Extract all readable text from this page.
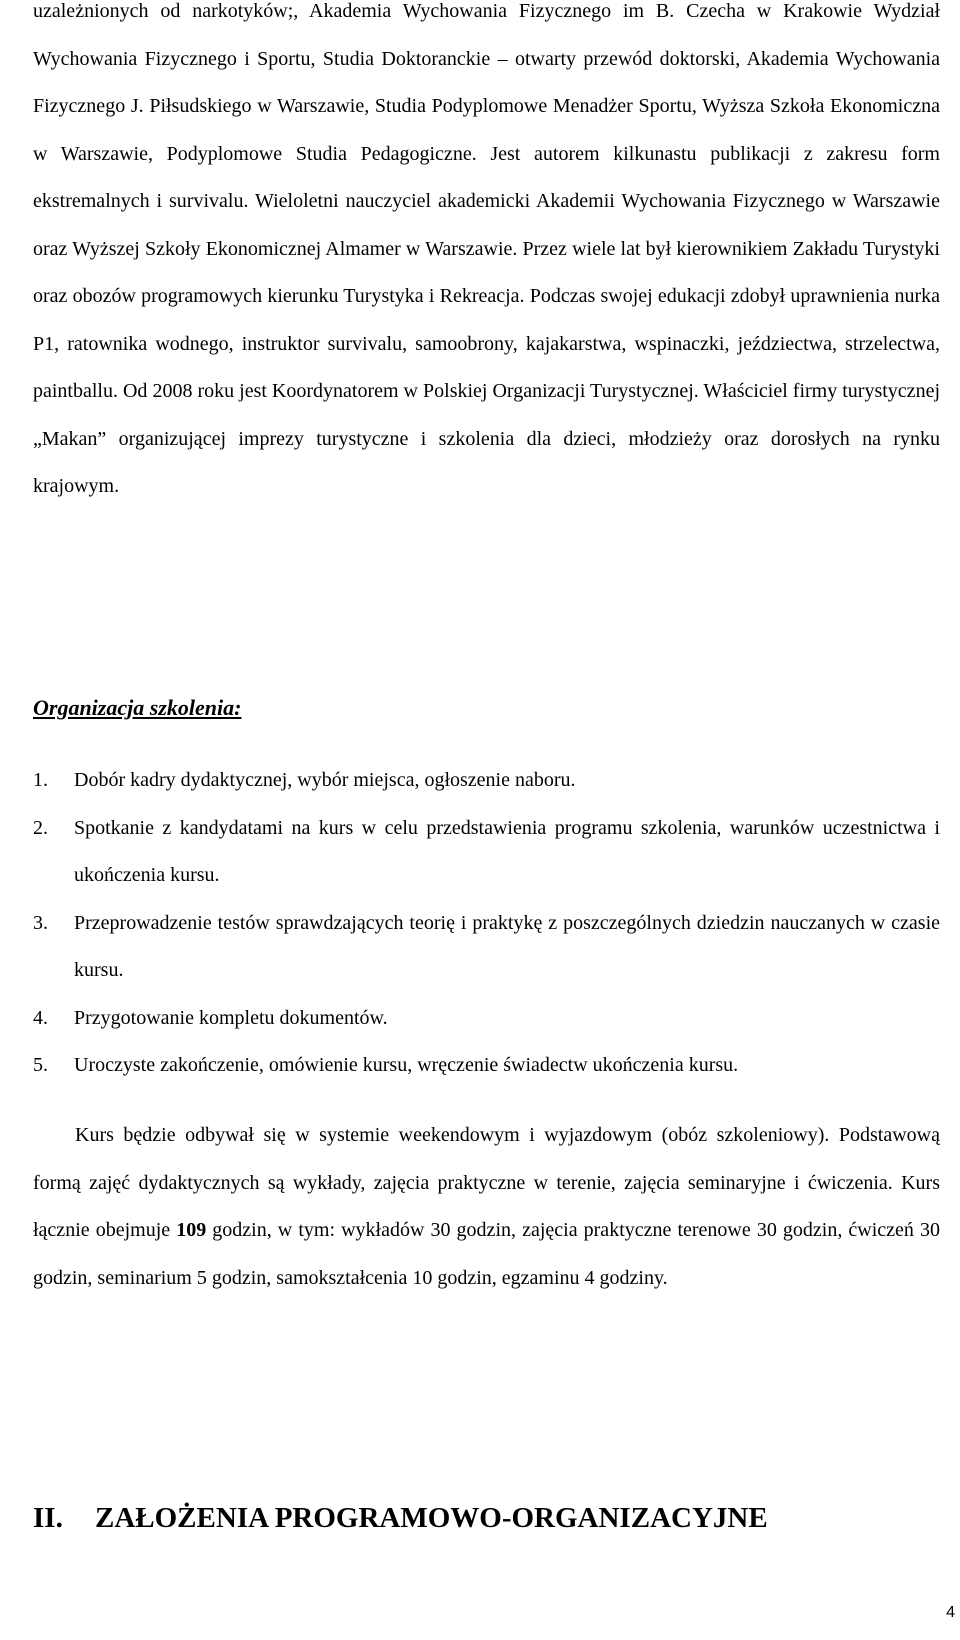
uzależnionych od narkotyków;, Akademia Wychowania Fizycznego im B. Czecha w Krakowie Wydział Wychowania Fizycznego i Sportu, Studia Doktoranckie – otwarty przewód doktorski, Akademia Wychowania Fizycznego J. Piłsudskiego w Warszawie, Studia Podyplomowe Menadżer Sportu, Wyższa Szkoła Ekonomiczna w Warszawie, Podyplomowe Studia Pedagogiczne. Jest autorem kilkunastu publikacji z zakresu form ekstremalnych i survivalu. Wieloletni nauczyciel akademicki Akademii Wychowania Fizycznego w Warszawie oraz Wyższej Szkoły Ekonomicznej Almamer w Warszawie. Przez wiele lat był kierownikiem Zakładu Turystyki oraz obozów programowych kierunku Turystyka i Rekreacja. Podczas swojej edukacji zdobył uprawnienia nurka P1, ratownika wodnego, instruktor survivalu, samoobrony, kajakarstwa, wspinaczki, jeździectwa, strzelectwa, paintballu. Od 2008 roku jest Koordynatorem w Polskiej Organizacji Turystycznej. Właściciel firmy turystycznej „Makan” organizującej imprezy turystyczne i szkolenia dla dzieci, młodzieży oraz dorosłych na rynku krajowym.

Organizacja szkolenia:
1.	Dobór kadry dydaktycznej, wybór miejsca, ogłoszenie naboru.
2.	Spotkanie z kandydatami na kurs w celu przedstawienia programu szkolenia, warunków uczestnictwa i ukończenia kursu.
3.	Przeprowadzenie testów sprawdzających teorię i praktykę z poszczególnych dziedzin nauczanych w czasie kursu.
4.	Przygotowanie kompletu dokumentów.
5.	Uroczyste zakończenie, omówienie kursu, wręczenie świadectw ukończenia kursu.

Kurs będzie odbywał się w systemie weekendowym i wyjazdowym (obóz szkoleniowy). Podstawową formą zajęć dydaktycznych są wykłady, zajęcia praktyczne w terenie, zajęcia seminaryjne i ćwiczenia. Kurs łącznie obejmuje 109 godzin, w tym: wykładów 30 godzin, zajęcia praktyczne terenowe 30 godzin, ćwiczeń 30 godzin, seminarium 5 godzin, samokształcenia 10 godzin, egzaminu 4 godziny.

II. ZAŁOŻENIA PROGRAMOWO-ORGANIZACYJNE
4
